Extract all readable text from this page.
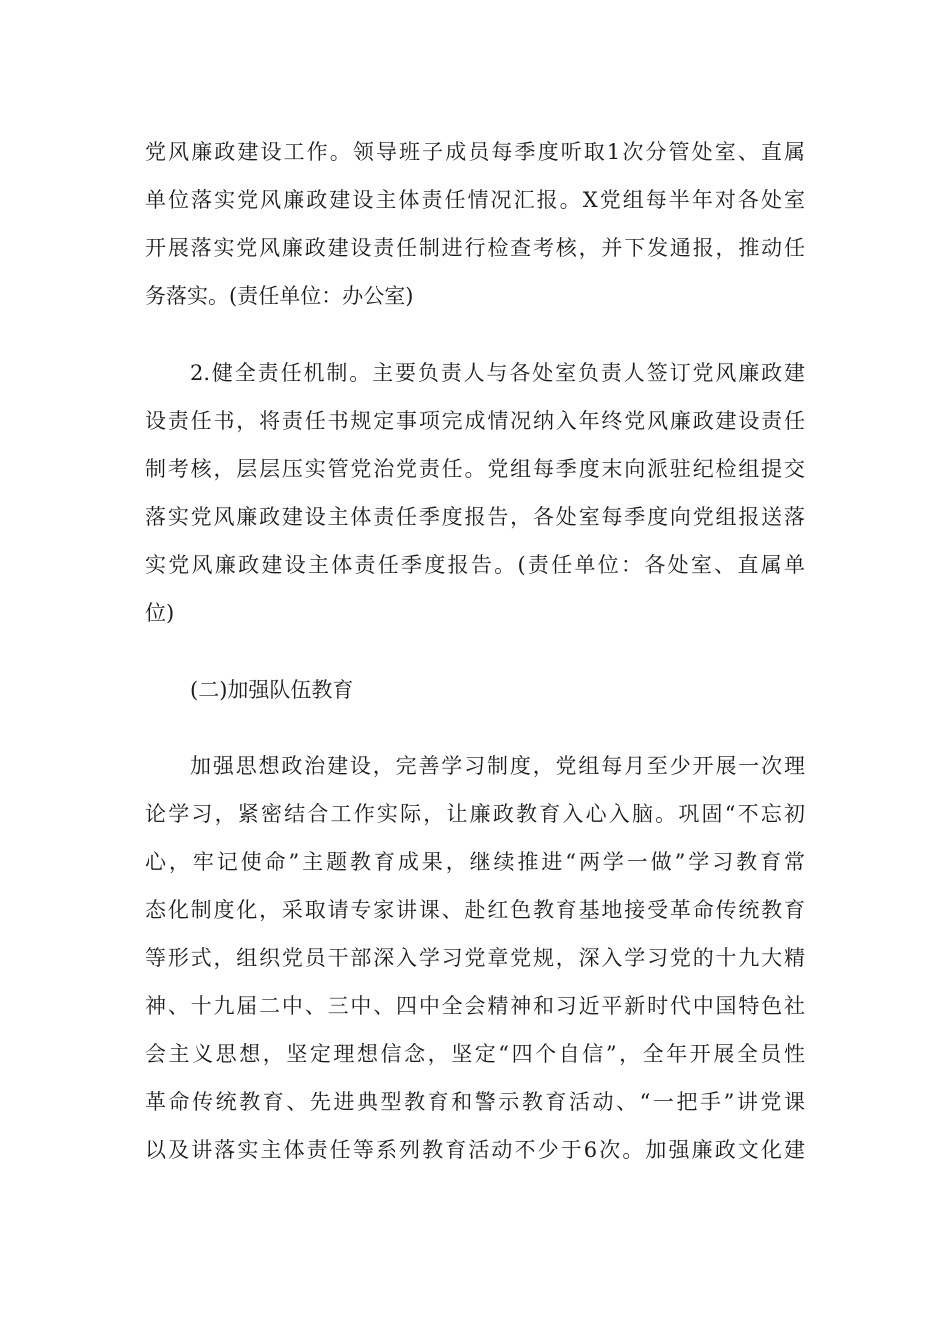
党风廉政建设工作。领导班子成员每季度听取1次分管处室、直属
单位落实党风廉政建设主体责任情况汇报。X党组每半年对各处室
开展落实党风廉政建设责任制进行检查考核，并下发通报，推动任
务落实。(责任单位：办公室)
2.健全责任机制。主要负责人与各处室负责人签订党风廉政建
设责任书，将责任书规定事项完成情况纳入年终党风廉政建设责任
制考核，层层压实管党治党责任。党组每季度末向派驻纪检组提交
落实党风廉政建设主体责任季度报告，各处室每季度向党组报送落
实党风廉政建设主体责任季度报告。(责任单位：各处室、直属单
位)
(二)加强队伍教育
加强思想政治建设，完善学习制度，党组每月至少开展一次理
论学习，紧密结合工作实际，让廉政教育入心入脑。巩固“不忘初
心，牢记使命”主题教育成果，继续推进“两学一做”学习教育常
态化制度化，采取请专家讲课、赴红色教育基地接受革命传统教育
等形式，组织党员干部深入学习党章党规，深入学习党的十九大精
神、十九届二中、三中、四中全会精神和习近平新时代中国特色社
会主义思想，坚定理想信念，坚定“四个自信”，全年开展全员性
革命传统教育、先进典型教育和警示教育活动、“一把手”讲党课
以及讲落实主体责任等系列教育活动不少于6次。加强廉政文化建
